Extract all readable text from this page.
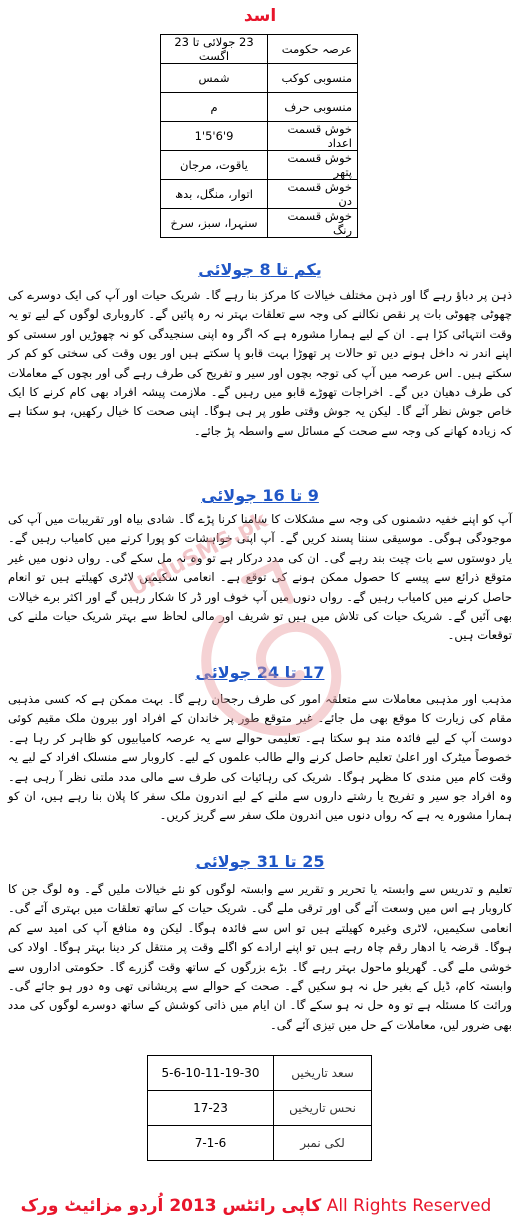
اسد
عرصہ حکومت	23 جولائی تا 23 اگست
منسوبی کوکب	شمس
منسوبی حرف	م
خوش قسمت اعداد	9'6'5'1
خوش قسمت پتھر	یاقوت، مرجان
خوش قسمت دن	اتوار، منگل، بدھ
خوش قسمت رنگ	سنہرا، سبز، سرخ
یکم تا 8 جولائی
ذہن پر دباؤ رہے گا اور ذہن مختلف خیالات کا مرکز بنا رہے گا۔ شریک حیات اور آپ کی ایک دوسرے کی چھوٹی چھوٹی بات پر نقص نکالنے کی وجہ سے تعلقات بہتر نہ رہ پائیں گے۔ کاروباری لوگوں کے لیے تو یہ وقت انتہائی کڑا ہے۔ ان کے لیے ہمارا مشورہ ہے کہ اگر وہ اپنی سنجیدگی کو نہ چھوڑیں اور سستی کو اپنے اندر نہ داخل ہونے دیں تو حالات پر تھوڑا بہت قابو پا سکتے ہیں اور یوں وقت کی سختی کو کم کر سکتے ہیں۔ اس عرصہ میں آپ کی توجہ بچوں اور سیر و تفریح کی طرف رہے گی اور بچوں کے معاملات کی طرف دھیان دیں گے۔ اخراجات تھوڑے قابو میں رہیں گے۔ ملازمت پیشہ افراد بھی کام کرنے کا ایک خاص جوش نظر آئے گا۔ لیکن یہ جوش وقتی طور پر ہی ہوگا۔ اپنی صحت کا خیال رکھیں، ہو سکتا ہے کہ زیادہ کھانے کی وجہ سے صحت کے مسائل سے واسطہ پڑ جائے۔
9 تا 16 جولائی
آپ کو اپنے خفیہ دشمنوں کی وجہ سے مشکلات کا سامنا کرنا پڑے گا۔ شادی بیاہ اور تقریبات میں آپ کی موجودگی ہوگی۔ موسیقی سننا پسند کریں گے۔ آپ اپنی خواہشات کو پورا کرنے میں کامیاب رہیں گے۔ یار دوستوں سے بات چیت بند رہے گی۔ ان کی مدد درکار ہے تو وہ نہ مل سکے گی۔ رواں دنوں میں غیر متوقع ذرائع سے پیسے کا حصول ممکن ہونے کی توقع ہے۔ انعامی سکیمیں لاٹری کھیلتے ہیں تو انعام حاصل کرنے میں کامیاب رہیں گے۔ رواں دنوں میں آپ خوف اور ڈر کا شکار رہیں گے اور اکثر برے خیالات بھی آئیں گے۔ شریک حیات کی تلاش میں ہیں تو شریف اور مالی لحاظ سے بہتر شریک حیات ملنے کی توقعات ہیں۔
17 تا 24 جولائی
مذہب اور مذہبی معاملات سے متعلقہ امور کی طرف رجحان رہے گا۔ بہت ممکن ہے کہ کسی مذہبی مقام کی زیارت کا موقع بھی مل جائے۔ غیر متوقع طور پر خاندان کے افراد اور بیرون ملک مقیم کوئی دوست آپ کے لیے فائدہ مند ہو سکتا ہے۔ تعلیمی حوالے سے یہ عرصہ کامیابیوں کو ظاہر کر رہا ہے۔ خصوصاً میٹرک اور اعلیٰ تعلیم حاصل کرنے والے طالب علموں کے لیے۔ کاروبار سے منسلک افراد کے لیے یہ وقت کام میں مندی کا مظہر ہوگا۔ شریک کی رہائیات کی طرف سے مالی مدد ملتی نظر آ رہی ہے۔ وہ افراد جو سیر و تفریح یا رشتے داروں سے ملنے کے لیے اندرون ملک سفر کا پلان بنا رہے ہیں، ان کو ہمارا مشورہ یہ ہے کہ رواں دنوں میں اندرون ملک سفر سے گریز کریں۔
25 تا 31 جولائی
تعلیم و تدریس سے وابستہ یا تحریر و تقریر سے وابستہ لوگوں کو نئے خیالات ملیں گے۔ وہ لوگ جن کا کاروبار ہے اس میں وسعت آئے گی اور ترقی ملے گی۔ شریک حیات کے ساتھ تعلقات میں بہتری آئے گی۔ انعامی سکیمیں، لاٹری وغیرہ کھیلتے ہیں تو اس سے فائدہ ہوگا۔ لیکن وہ منافع آپ کی امید سے کم ہوگا۔ قرضہ یا ادھار رقم چاہ رہے ہیں تو اپنے ارادے کو اگلے وقت پر منتقل کر دینا بہتر ہوگا۔ اولاد کی خوشی ملے گی۔ گھریلو ماحول بہتر رہے گا۔ بڑے بزرگوں کے ساتھ وقت گزرے گا۔ حکومتی اداروں سے وابستہ کام، ڈیل کے بغیر حل نہ ہو سکیں گے۔ صحت کے حوالے سے پریشانی تھی وہ دور ہو جائے گی۔ وراثت کا مسئلہ ہے تو وہ حل نہ ہو سکے گا۔ ان ایام میں ذاتی کوشش کے ساتھ دوسرے لوگوں کی مدد بھی ضرور لیں، معاملات کے حل میں تیزی آئے گی۔
UrduSMS.pk
سعد تاریخیں	5-6-10-11-19-30
نحس تاریخیں	17-23
لکی نمبر	7-1-6
کاپی رائٹس 2013 اُردو مزائیٹ ورک All Rights Reserved
